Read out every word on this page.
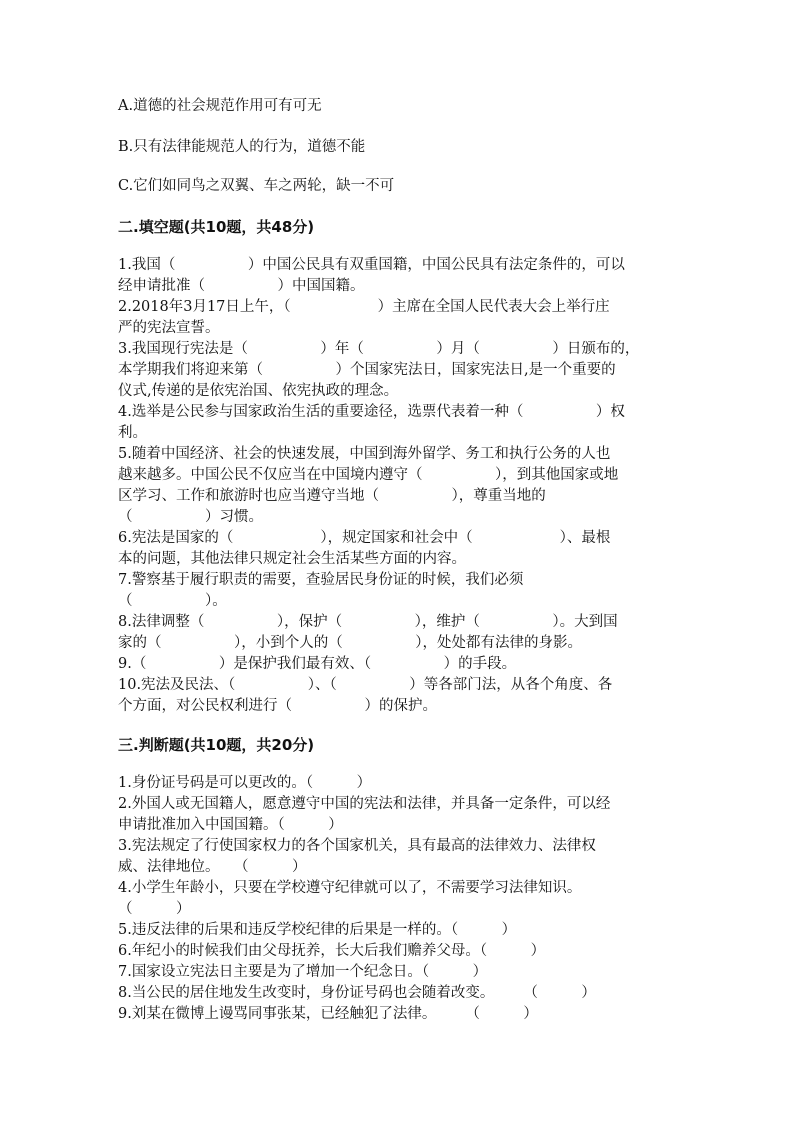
A.道德的社会规范作用可有可无
B.只有法律能规范人的行为，道德不能
C.它们如同鸟之双翼、车之两轮，缺一不可
二.填空题(共10题，共48分)
1.我国（　　　　　）中国公民具有双重国籍，中国公民具有法定条件的，可以
经申请批准（　　　　　）中国国籍。
2.2018年3月17日上午，（　　　　　　）主席在全国人民代表大会上举行庄
严的宪法宣誓。
3.我国现行宪法是（　　　　　）年（　　　　　）月（　　　　　）日颁布的，
本学期我们将迎来第（　　　　　）个国家宪法日，国家宪法日,是一个重要的
仪式,传递的是依宪治国、依宪执政的理念。
4.选举是公民参与国家政治生活的重要途径，选票代表着一种（　　　　　）权
利。
5.随着中国经济、社会的快速发展，中国到海外留学、务工和执行公务的人也
越来越多。中国公民不仅应当在中国境内遵守（　　　　　），到其他国家或地
区学习、工作和旅游时也应当遵守当地（　　　　　），尊重当地的
（　　　　　）习惯。
6.宪法是国家的（　　　　　　），规定国家和社会中（　　　　　　）、最根
本的问题，其他法律只规定社会生活某些方面的内容。
7.警察基于履行职责的需要，查验居民身份证的时候，我们必须
（　　　　　）。
8.法律调整（　　　　　），保护（　　　　　），维护（　　　　　）。大到国
家的（　　　　　），小到个人的（　　　　　），处处都有法律的身影。
9.（　　　　　）是保护我们最有效、（　　　　　）的手段。
10.宪法及民法、（　　　　　）、（　　　　　）等各部门法，从各个角度、各
个方面，对公民权利进行（　　　　　）的保护。
三.判断题(共10题，共20分)
1.身份证号码是可以更改的。（　　　）
2.外国人或无国籍人，愿意遵守中国的宪法和法律，并具备一定条件，可以经
申请批准加入中国国籍。（　　　）
3.宪法规定了行使国家权力的各个国家机关，具有最高的法律效力、法律权
威、法律地位。　　（　　　）
4.小学生年龄小，只要在学校遵守纪律就可以了，不需要学习法律知识。
（　　　）
5.违反法律的后果和违反学校纪律的后果是一样的。（　　　）
6.年纪小的时候我们由父母抚养，长大后我们赡养父母。（　　　）
7.国家设立宪法日主要是为了增加一个纪念日。（　　　）
8.当公民的居住地发生改变时，身份证号码也会随着改变。　　　（　　　）
9.刘某在微博上谩骂同事张某，已经触犯了法律。　　　（　　　）
